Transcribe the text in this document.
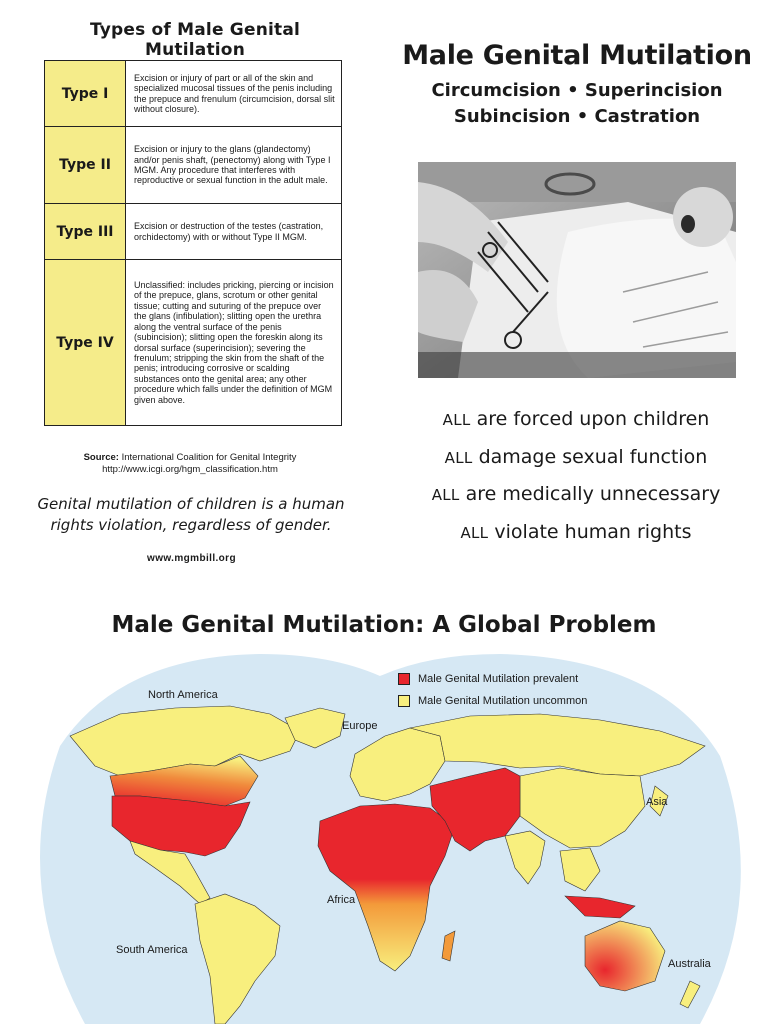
Types of Male Genital Mutilation
Type I	Excision or injury of part or all of the skin and specialized mucosal tissues of the penis including the prepuce and frenulum (circumcision, dorsal slit without closure).
Type II	Excision or injury to the glans (glandectomy) and/or penis shaft, (penectomy) along with Type I MGM. Any procedure that interferes with reproductive or sexual function in the adult male.
Type III	Excision or destruction of the testes (castration, orchidectomy) with or without Type II MGM.
Type IV	Unclassified: includes pricking, piercing or incision of the prepuce, glans, scrotum or other genital tissue; cutting and suturing of the prepuce over the glans (infibulation); slitting open the urethra along the ventral surface of the penis (subincision); slitting open the foreskin along its dorsal surface (superincision); severing the frenulum; stripping the skin from the shaft of the penis; introducing corrosive or scalding substances onto the genital area; any other procedure which falls under the definition of MGM given above.
Source: International Coalition for Genital Integrity
http://www.icgi.org/hgm_classification.htm
Genital mutilation of children is a human rights violation, regardless of gender.
www.mgmbill.org
Male Genital Mutilation
Circumcision • Superincision
Subincision • Castration
ALL are forced upon children
ALL damage sexual function
ALL are medically unnecessary
ALL violate human rights
Male Genital Mutilation: A Global Problem
Male Genital Mutilation prevalent
Male Genital Mutilation uncommon
North America
Europe
Asia
Africa
South America
Australia
